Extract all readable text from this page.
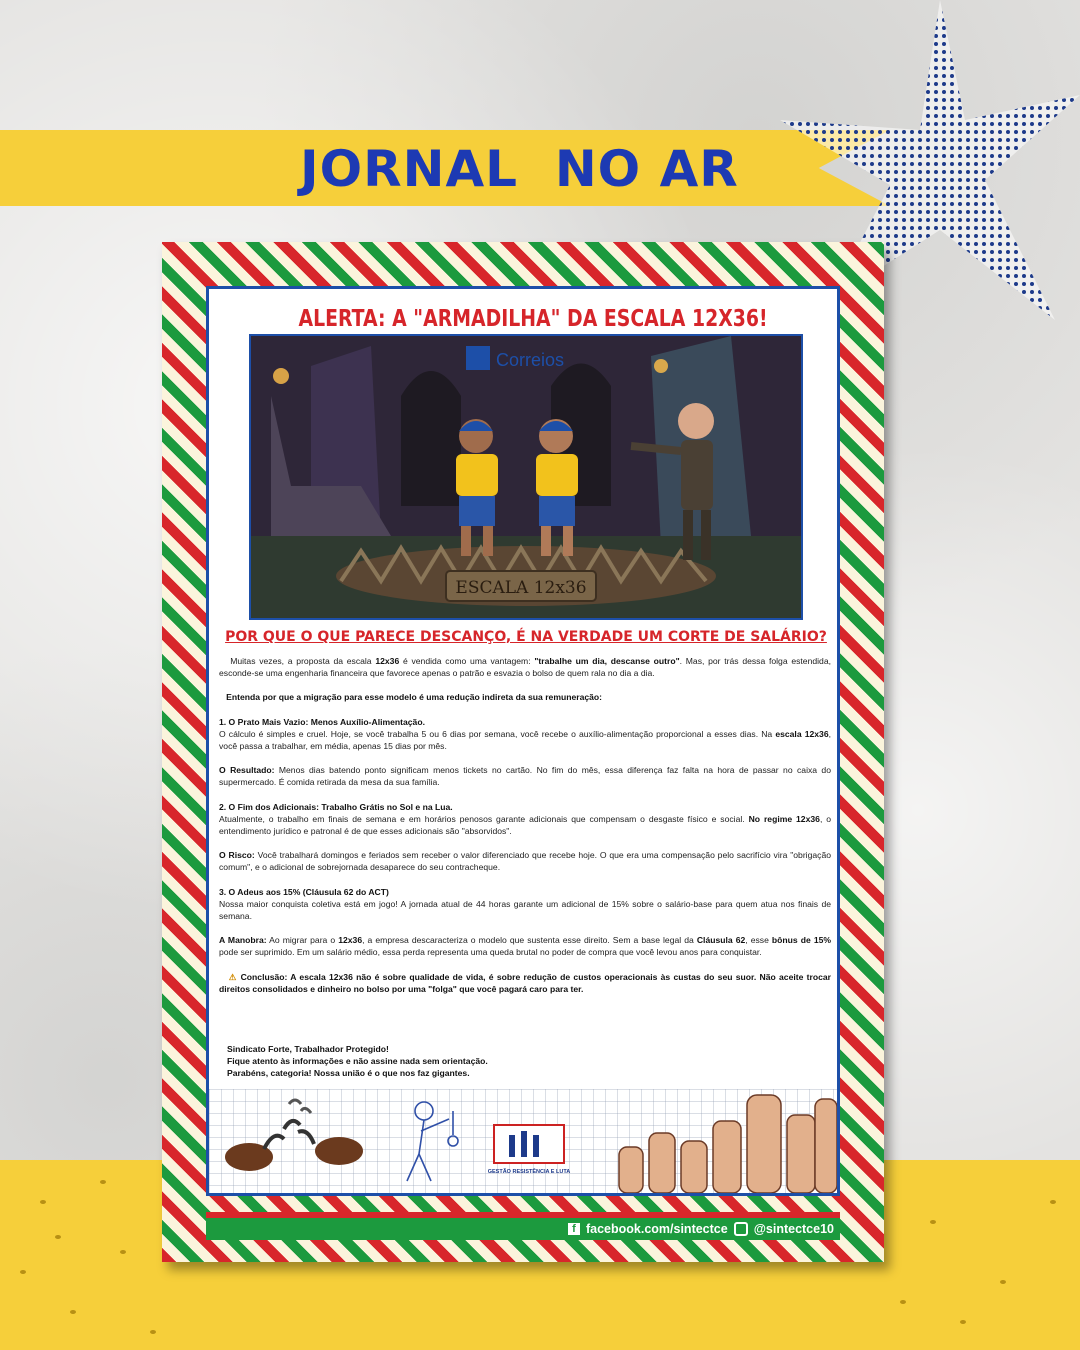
JORNAL  NO AR
ALERTA: A "ARMADILHA" DA ESCALA 12X36!
ESCALA 12x36
Correios
POR QUE O QUE PARECE DESCANÇO, É NA VERDADE UM CORTE DE SALÁRIO?

Muitas vezes, a proposta da escala 12x36 é vendida como uma vantagem: "trabalhe um dia, descanse outro". Mas, por trás dessa folga estendida, esconde-se uma engenharia financeira que favorece apenas o patrão e esvazia o bolso de quem rala no dia a dia.

Entenda por que a migração para esse modelo é uma redução indireta da sua remuneração:

1. O Prato Mais Vazio: Menos Auxílio-Alimentação.

O cálculo é simples e cruel. Hoje, se você trabalha 5 ou 6 dias por semana, você recebe o auxílio-alimentação proporcional a esses dias. Na escala 12x36, você passa a trabalhar, em média, apenas 15 dias por mês.

O Resultado: Menos dias batendo ponto significam menos tickets no cartão. No fim do mês, essa diferença faz falta na hora de passar no caixa do supermercado. É comida retirada da mesa da sua família.

2. O Fim dos Adicionais: Trabalho Grátis no Sol e na Lua.

Atualmente, o trabalho em finais de semana e em horários penosos garante adicionais que compensam o desgaste físico e social. No regime 12x36, o entendimento jurídico e patronal é de que esses adicionais são "absorvidos".

O Risco: Você trabalhará domingos e feriados sem receber o valor diferenciado que recebe hoje. O que era uma compensação pelo sacrifício vira "obrigação comum", e o adicional de sobrejornada desaparece do seu contracheque.

3. O Adeus aos 15% (Cláusula 62 do ACT)

Nossa maior conquista coletiva está em jogo! A jornada atual de 44 horas garante um adicional de 15% sobre o salário-base para quem atua nos finais de semana.

A Manobra: Ao migrar para o 12x36, a empresa descaracteriza o modelo que sustenta esse direito. Sem a base legal da Cláusula 62, esse bônus de 15% pode ser suprimido. Em um salário médio, essa perda representa uma queda brutal no poder de compra que você levou anos para conquistar.

⚠ Conclusão: A escala 12x36 não é sobre qualidade de vida, é sobre redução de custos operacionais às custas do seu suor. Não aceite trocar direitos consolidados e dinheiro no bolso por uma "folga" que você pagará caro para ter.

Sindicato Forte, Trabalhador Protegido!
Fique atento às informações e não assine nada sem orientação.
Parabéns, categoria! Nossa união é o que nos faz gigantes.
GESTÃO RESISTÊNCIA E LUTA
f facebook.com/sintectce @sintectce10
